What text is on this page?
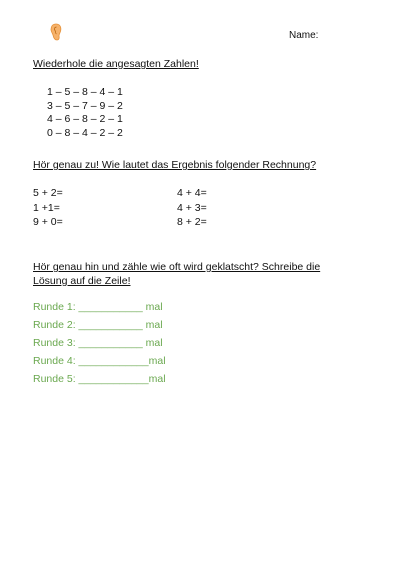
Name:
Wiederhole die angesagten Zahlen!
1 – 5 – 8 – 4 – 1
3 – 5 – 7 – 9 – 2
4 – 6 – 8 – 2 – 1
0 – 8 – 4 – 2 – 2
Hör genau zu! Wie lautet das Ergebnis folgender Rechnung?
5 + 2=
1 +1=
9 + 0=
4 + 4=
4 + 3=
8 + 2=
Hör genau hin und zähle wie oft wird geklatscht? Schreibe die
Lösung auf die Zeile!
Runde 1: ___________ mal
Runde 2: ___________ mal
Runde 3: ___________ mal
Runde 4: ____________mal
Runde 5: ____________mal
